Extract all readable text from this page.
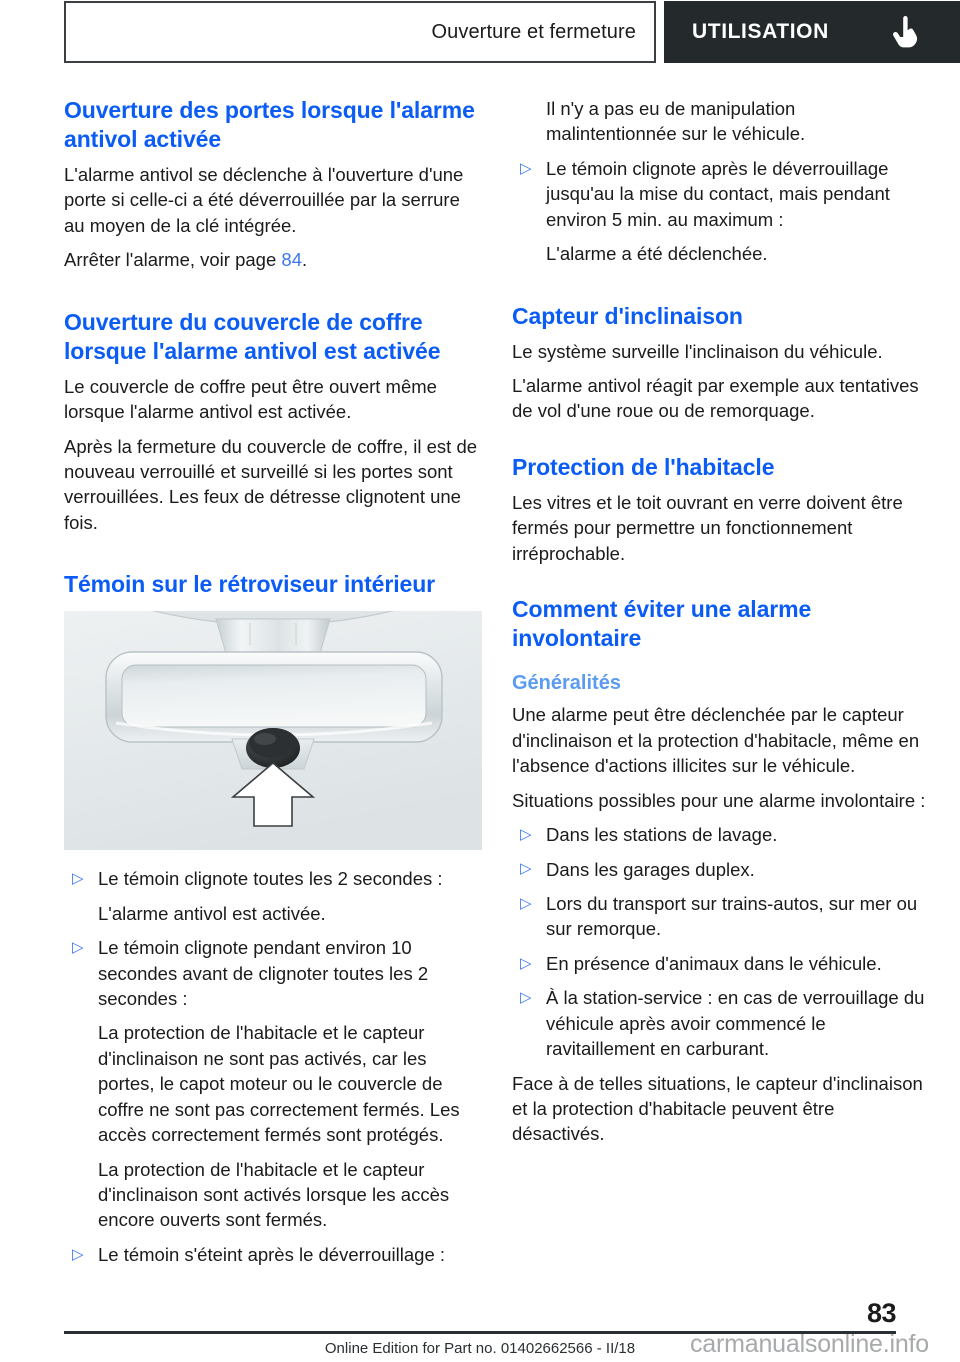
Ouverture et fermeture	UTILISATION
Ouverture des portes lorsque l'alarme antivol activée

L'alarme antivol se déclenche à l'ouverture d'une porte si celle-ci a été déverrouillée par la serrure au moyen de la clé intégrée.

Arrêter l'alarme, voir page 84.

Ouverture du couvercle de coffre lorsque l'alarme antivol est activée

Le couvercle de coffre peut être ouvert même lorsque l'alarme antivol est activée.

Après la fermeture du couvercle de coffre, il est de nouveau verrouillé et surveillé si les portes sont verrouillées. Les feux de détresse clignotent une fois.

Témoin sur le rétroviseur intérieur
▷ Le témoin clignote toutes les 2 secondes :
L'alarme antivol est activée.
▷ Le témoin clignote pendant environ 10 secondes avant de clignoter toutes les 2 secondes :
La protection de l'habitacle et le capteur d'inclinaison ne sont pas activés, car les portes, le capot moteur ou le couvercle de coffre ne sont pas correctement fermés. Les accès correctement fermés sont protégés.
La protection de l'habitacle et le capteur d'inclinaison sont activés lorsque les accès encore ouverts sont fermés.
▷ Le témoin s'éteint après le déverrouillage :

Il n'y a pas eu de manipulation malintentionnée sur le véhicule.

▷ Le témoin clignote après le déverrouillage jusqu'au la mise du contact, mais pendant environ 5 min. au maximum :
L'alarme a été déclenchée.
Capteur d'inclinaison

Le système surveille l'inclinaison du véhicule.

L'alarme antivol réagit par exemple aux tentatives de vol d'une roue ou de remorquage.

Protection de l'habitacle

Les vitres et le toit ouvrant en verre doivent être fermés pour permettre un fonctionnement irréprochable.

Comment éviter une alarme involontaire
Généralités

Une alarme peut être déclenchée par le capteur d'inclinaison et la protection d'habitacle, même en l'absence d'actions illicites sur le véhicule.

Situations possibles pour une alarme involontaire :

▷ Dans les stations de lavage.
▷ Dans les garages duplex.
▷ Lors du transport sur trains-autos, sur mer ou sur remorque.
▷ En présence d'animaux dans le véhicule.
▷ À la station-service : en cas de verrouillage du véhicule après avoir commencé le ravitaillement en carburant.

Face à de telles situations, le capteur d'inclinaison et la protection d'habitacle peuvent être désactivés.

83
Online Edition for Part no. 01402662566 - II/18	carmanualsonline.info
